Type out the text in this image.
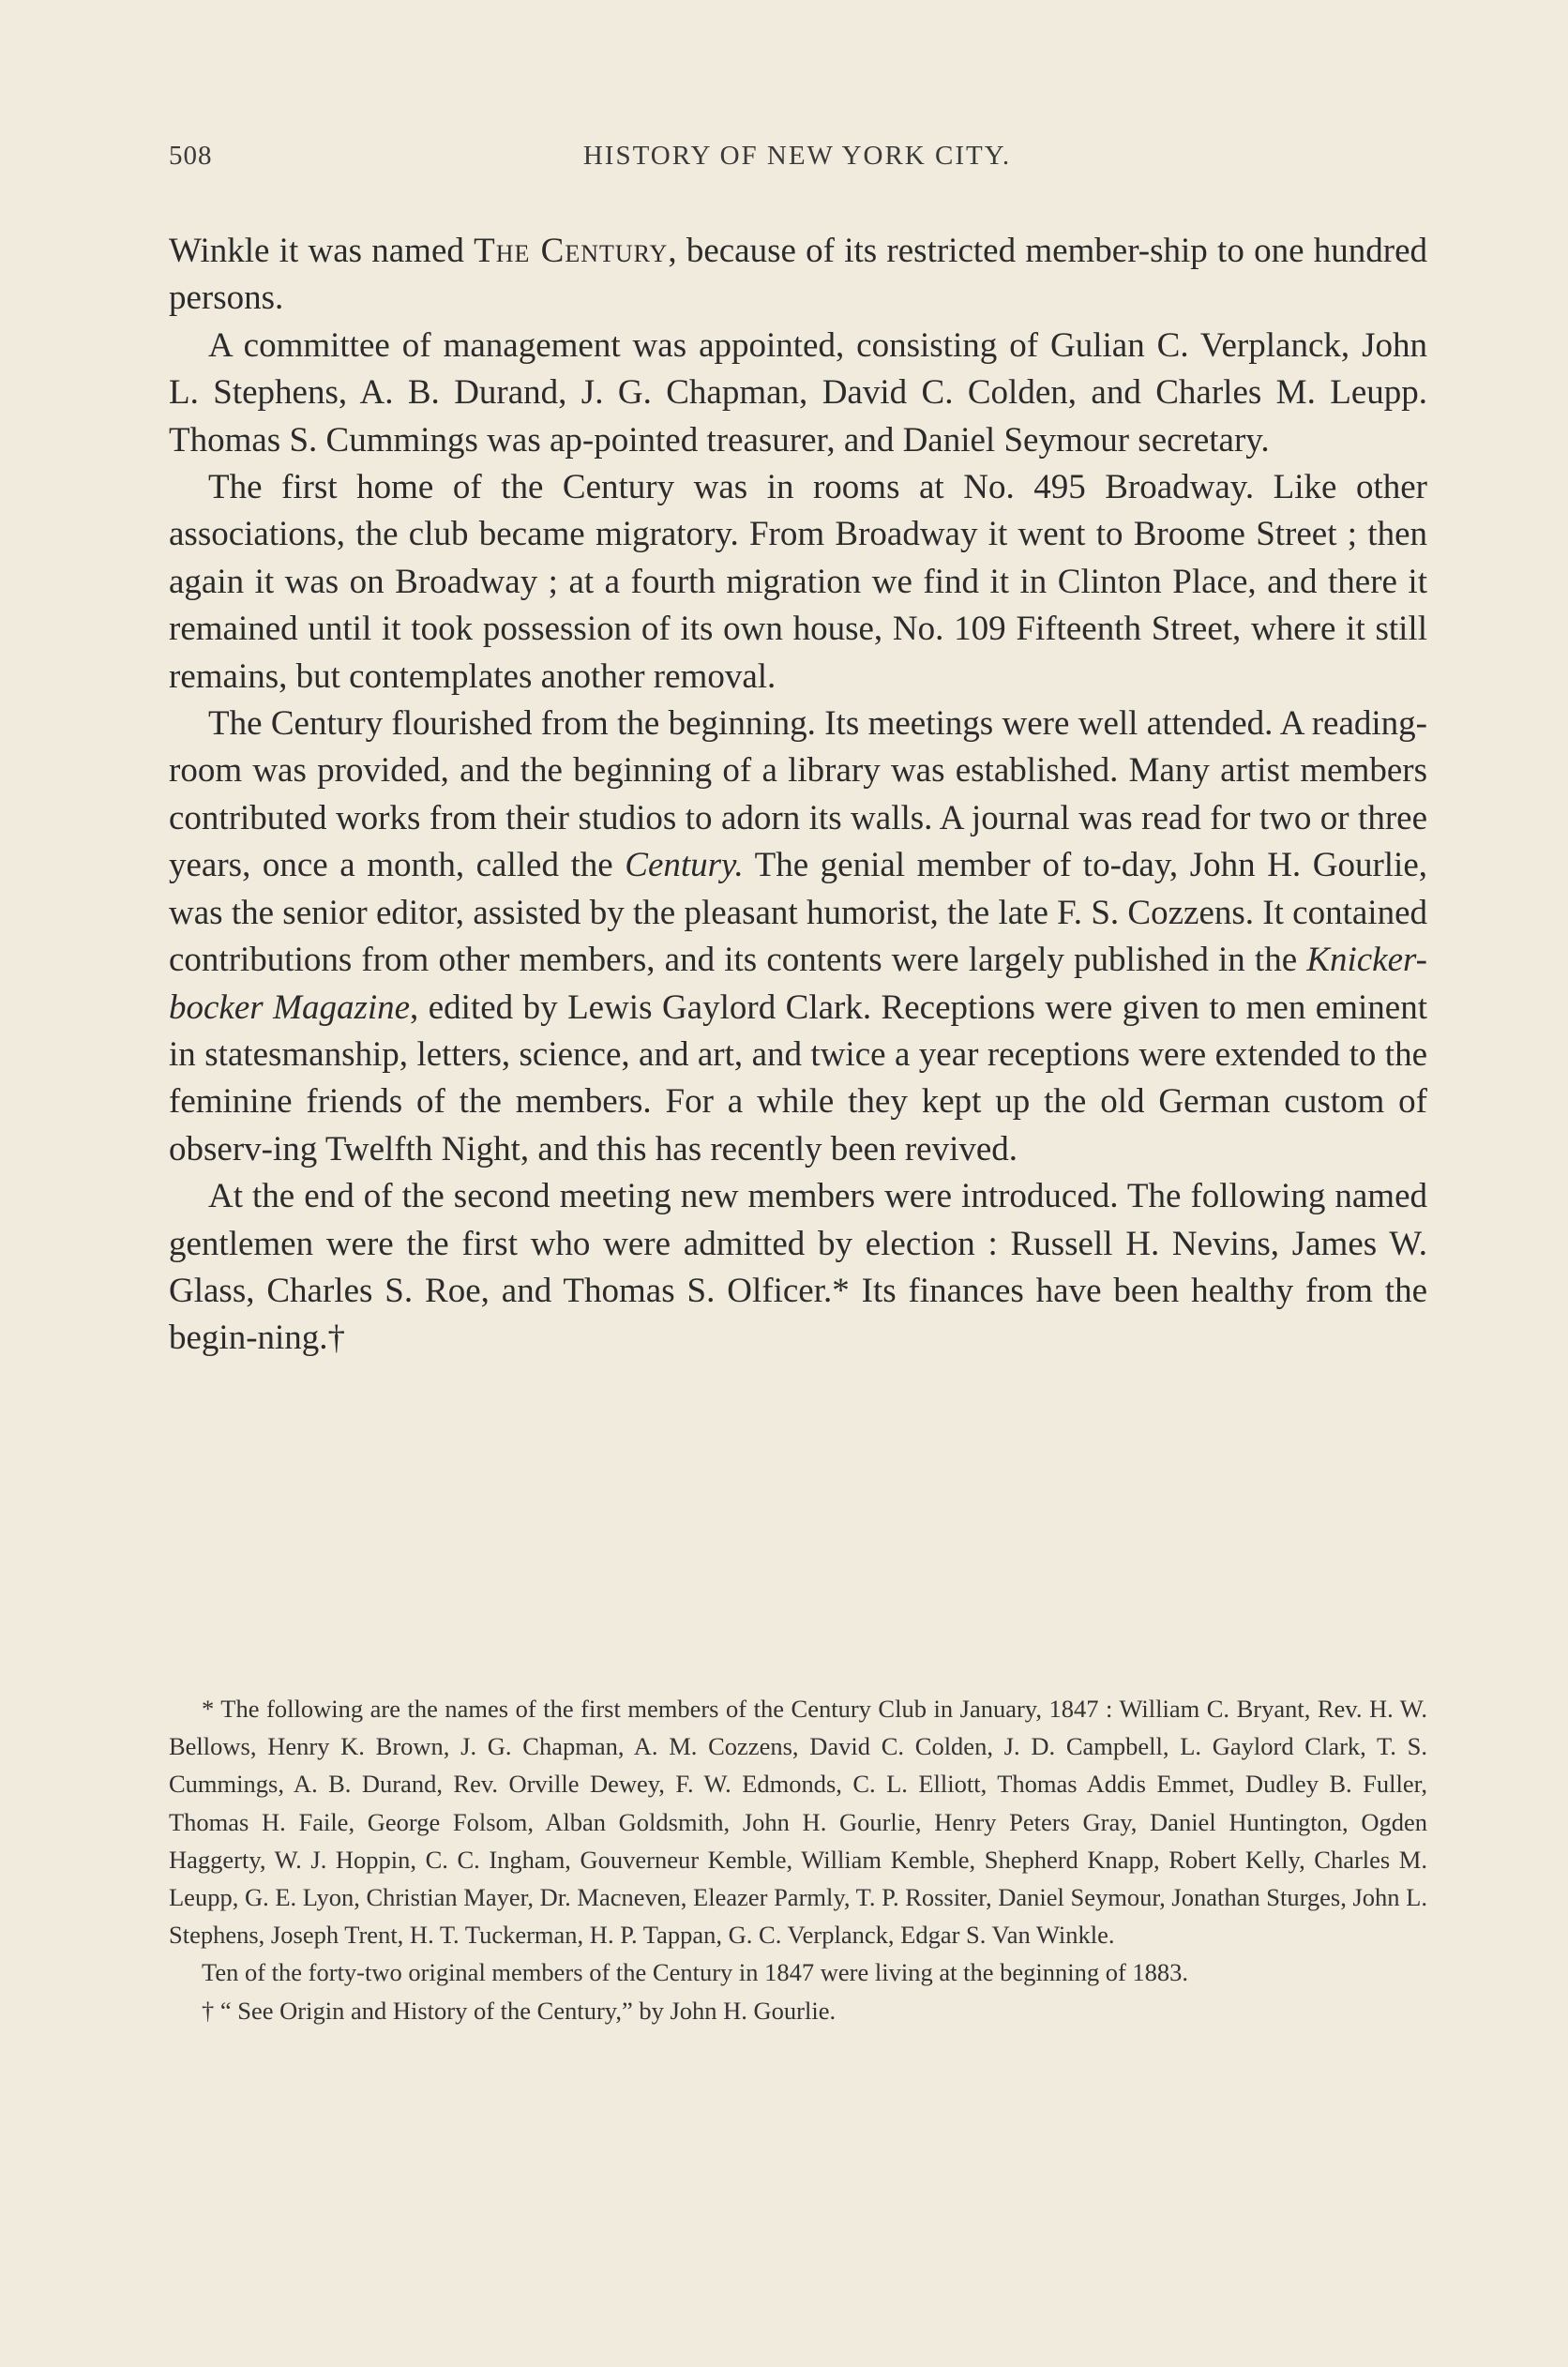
508	HISTORY OF NEW YORK CITY.

Winkle it was named The Century, because of its restricted member-ship to one hundred persons.

A committee of management was appointed, consisting of Gulian C. Verplanck, John L. Stephens, A. B. Durand, J. G. Chapman, David C. Colden, and Charles M. Leupp. Thomas S. Cummings was ap-pointed treasurer, and Daniel Seymour secretary.

The first home of the Century was in rooms at No. 495 Broadway. Like other associations, the club became migratory. From Broadway it went to Broome Street ; then again it was on Broadway ; at a fourth migration we find it in Clinton Place, and there it remained until it took possession of its own house, No. 109 Fifteenth Street, where it still remains, but contemplates another removal.

The Century flourished from the beginning. Its meetings were well attended. A reading-room was provided, and the beginning of a library was established. Many artist members contributed works from their studios to adorn its walls. A journal was read for two or three years, once a month, called the Century. The genial member of to-day, John H. Gourlie, was the senior editor, assisted by the pleasant humorist, the late F. S. Cozzens. It contained contributions from other members, and its contents were largely published in the Knicker-bocker Magazine, edited by Lewis Gaylord Clark. Receptions were given to men eminent in statesmanship, letters, science, and art, and twice a year receptions were extended to the feminine friends of the members. For a while they kept up the old German custom of observ-ing Twelfth Night, and this has recently been revived.

At the end of the second meeting new members were introduced. The following named gentlemen were the first who were admitted by election : Russell H. Nevins, James W. Glass, Charles S. Roe, and Thomas S. Olficer.* Its finances have been healthy from the begin-ning.†

* The following are the names of the first members of the Century Club in January, 1847 : William C. Bryant, Rev. H. W. Bellows, Henry K. Brown, J. G. Chapman, A. M. Cozzens, David C. Colden, J. D. Campbell, L. Gaylord Clark, T. S. Cummings, A. B. Durand, Rev. Orville Dewey, F. W. Edmonds, C. L. Elliott, Thomas Addis Emmet, Dudley B. Fuller, Thomas H. Faile, George Folsom, Alban Goldsmith, John H. Gourlie, Henry Peters Gray, Daniel Huntington, Ogden Haggerty, W. J. Hoppin, C. C. Ingham, Gouverneur Kemble, William Kemble, Shepherd Knapp, Robert Kelly, Charles M. Leupp, G. E. Lyon, Christian Mayer, Dr. Macneven, Eleazer Parmly, T. P. Rossiter, Daniel Seymour, Jonathan Sturges, John L. Stephens, Joseph Trent, H. T. Tuckerman, H. P. Tappan, G. C. Verplanck, Edgar S. Van Winkle.

Ten of the forty-two original members of the Century in 1847 were living at the beginning of 1883.

† “ See Origin and History of the Century,” by John H. Gourlie.
